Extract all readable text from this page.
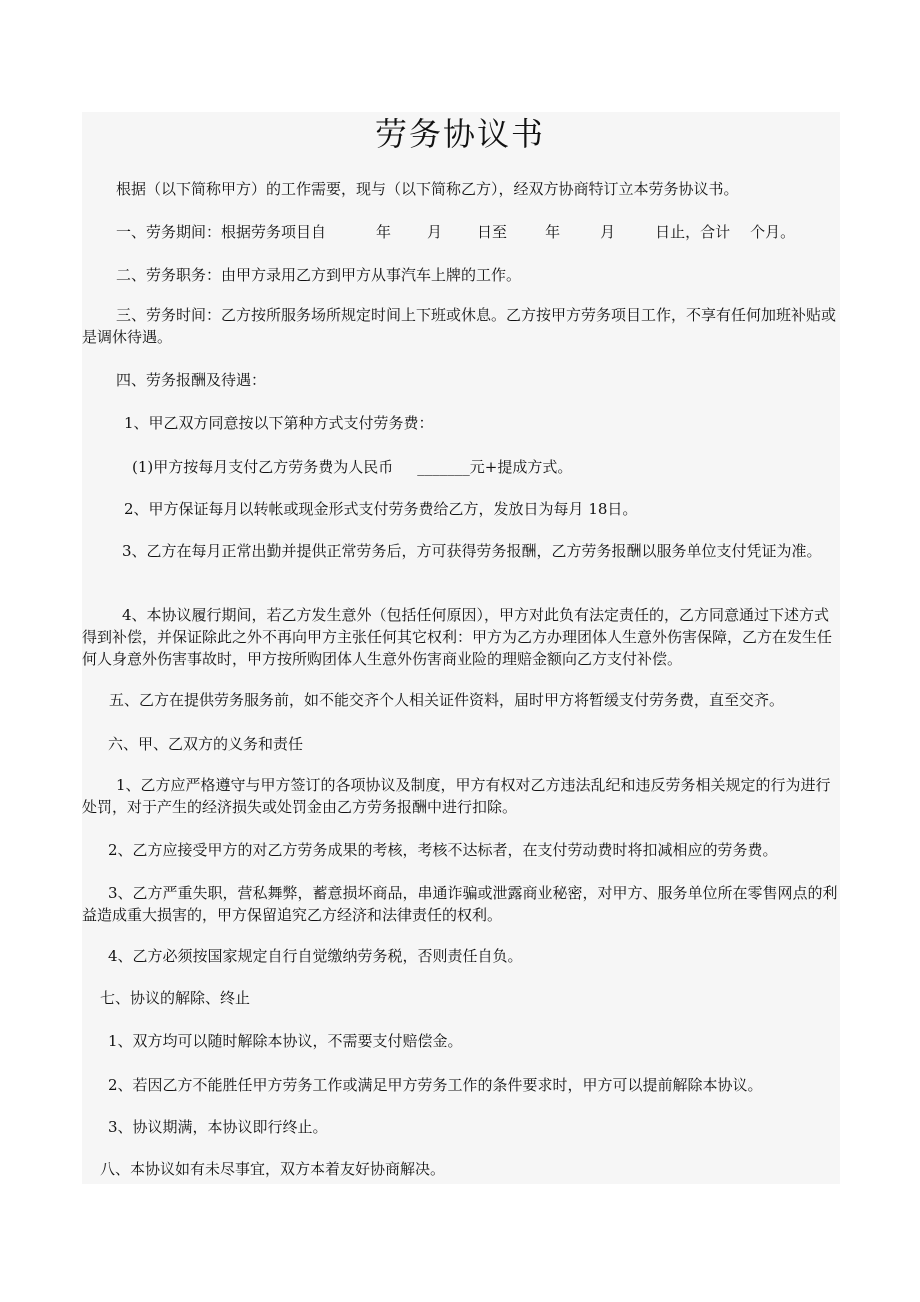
劳务协议书
根据（以下简称甲方）的工作需要，现与（以下简称乙方），经双方协商特订立本劳务协议书。
一、劳务期间：根据劳务项目自	年 月 日至	年	月	日止，合计 个月。
二、劳务职务：由甲方录用乙方到甲方从事汽车上牌的工作。
三、劳务时间：乙方按所服务场所规定时间上下班或休息。乙方按甲方劳务项目工作，不享有任何加班补贴或是调休待遇。
四、劳务报酬及待遇：
1、甲乙双方同意按以下第种方式支付劳务费：
(1)甲方按每月支付乙方劳务费为人民币 _______元+提成方式。
2、甲方保证每月以转帐或现金形式支付劳务费给乙方，发放日为每月 18日。
3、乙方在每月正常出勤并提供正常劳务后，方可获得劳务报酬，乙方劳务报酬以服务单位支付凭证为准。
4、本协议履行期间，若乙方发生意外（包括任何原因），甲方对此负有法定责任的，乙方同意通过下述方式得到补偿，并保证除此之外不再向甲方主张任何其它权利：甲方为乙方办理团体人生意外伤害保障，乙方在发生任何人身意外伤害事故时，甲方按所购团体人生意外伤害商业险的理赔金额向乙方支付补偿。
五、乙方在提供劳务服务前，如不能交齐个人相关证件资料，届时甲方将暂缓支付劳务费，直至交齐。
六、甲、乙双方的义务和责任
1、乙方应严格遵守与甲方签订的各项协议及制度，甲方有权对乙方违法乱纪和违反劳务相关规定的行为进行处罚，对于产生的经济损失或处罚金由乙方劳务报酬中进行扣除。
2、乙方应接受甲方的对乙方劳务成果的考核，考核不达标者，在支付劳动费时将扣减相应的劳务费。
3、乙方严重失职，营私舞弊，蓄意损坏商品，串通诈骗或泄露商业秘密，对甲方、服务单位所在零售网点的利益造成重大损害的，甲方保留追究乙方经济和法律责任的权利。
4、乙方必须按国家规定自行自觉缴纳劳务税，否则责任自负。
七、协议的解除、终止
1、双方均可以随时解除本协议，不需要支付赔偿金。
2、若因乙方不能胜任甲方劳务工作或满足甲方劳务工作的条件要求时，甲方可以提前解除本协议。
3、协议期满，本协议即行终止。
八、本协议如有未尽事宜，双方本着友好协商解决。
